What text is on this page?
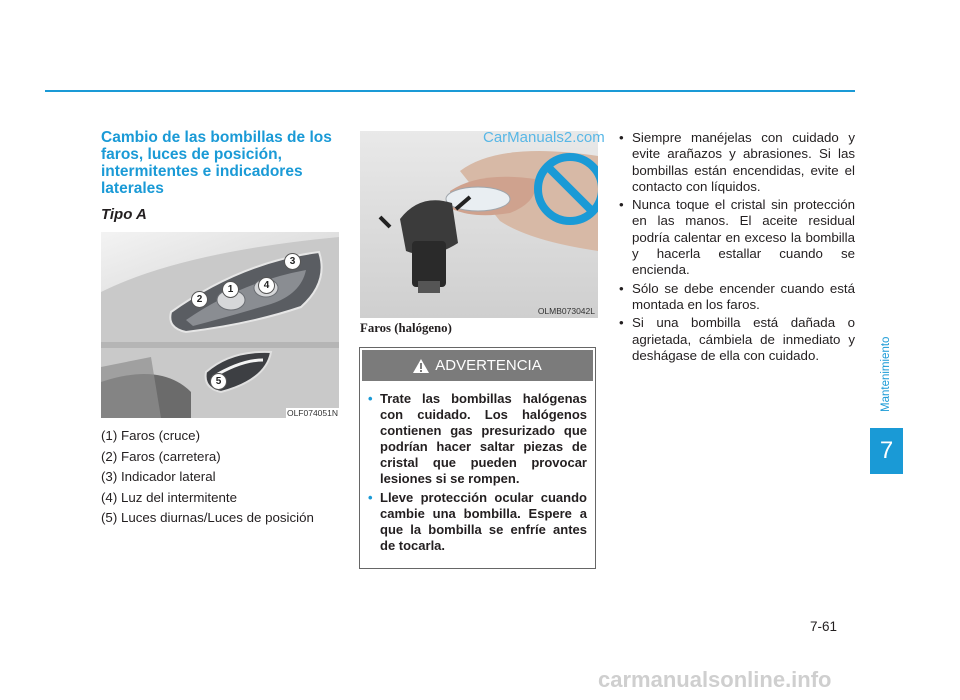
Cambio de las bombillas de los faros, luces de posición, intermitentes e indicadores laterales
Tipo A
1
2
3
4
5
OLF074051N
(1) Faros (cruce)
(2) Faros (carretera)
(3) Indicador lateral
(4) Luz del intermitente
(5) Luces diurnas/Luces de posición
OLMB073042L

Faros (halógeno)

ADVERTENCIA
• Trate las bombillas halógenas con cuidado. Los halógenos contienen gas presurizado que podrían hacer saltar piezas de cristal que pueden provocar lesiones si se rompen.
• Lleve protección ocular cuando cambie una bombilla. Espere a que la bombilla se enfríe antes de tocarla.
• Siempre manéjelas con cuidado y evite arañazos y abrasiones. Si las bombillas están encendidas, evite el contacto con líquidos.
• Nunca toque el cristal sin protección en las manos. El aceite residual podría calentar en exceso la bombilla y hacerla estallar cuando se encienda.
• Sólo se debe encender cuando está montada en los faros.
• Si una bombilla está dañada o agrietada, cámbiela de inmediato y deshágase de ella con cuidado.	Mantenimiento
7
7-61
CarManuals2.com
carmanualsonline.info
